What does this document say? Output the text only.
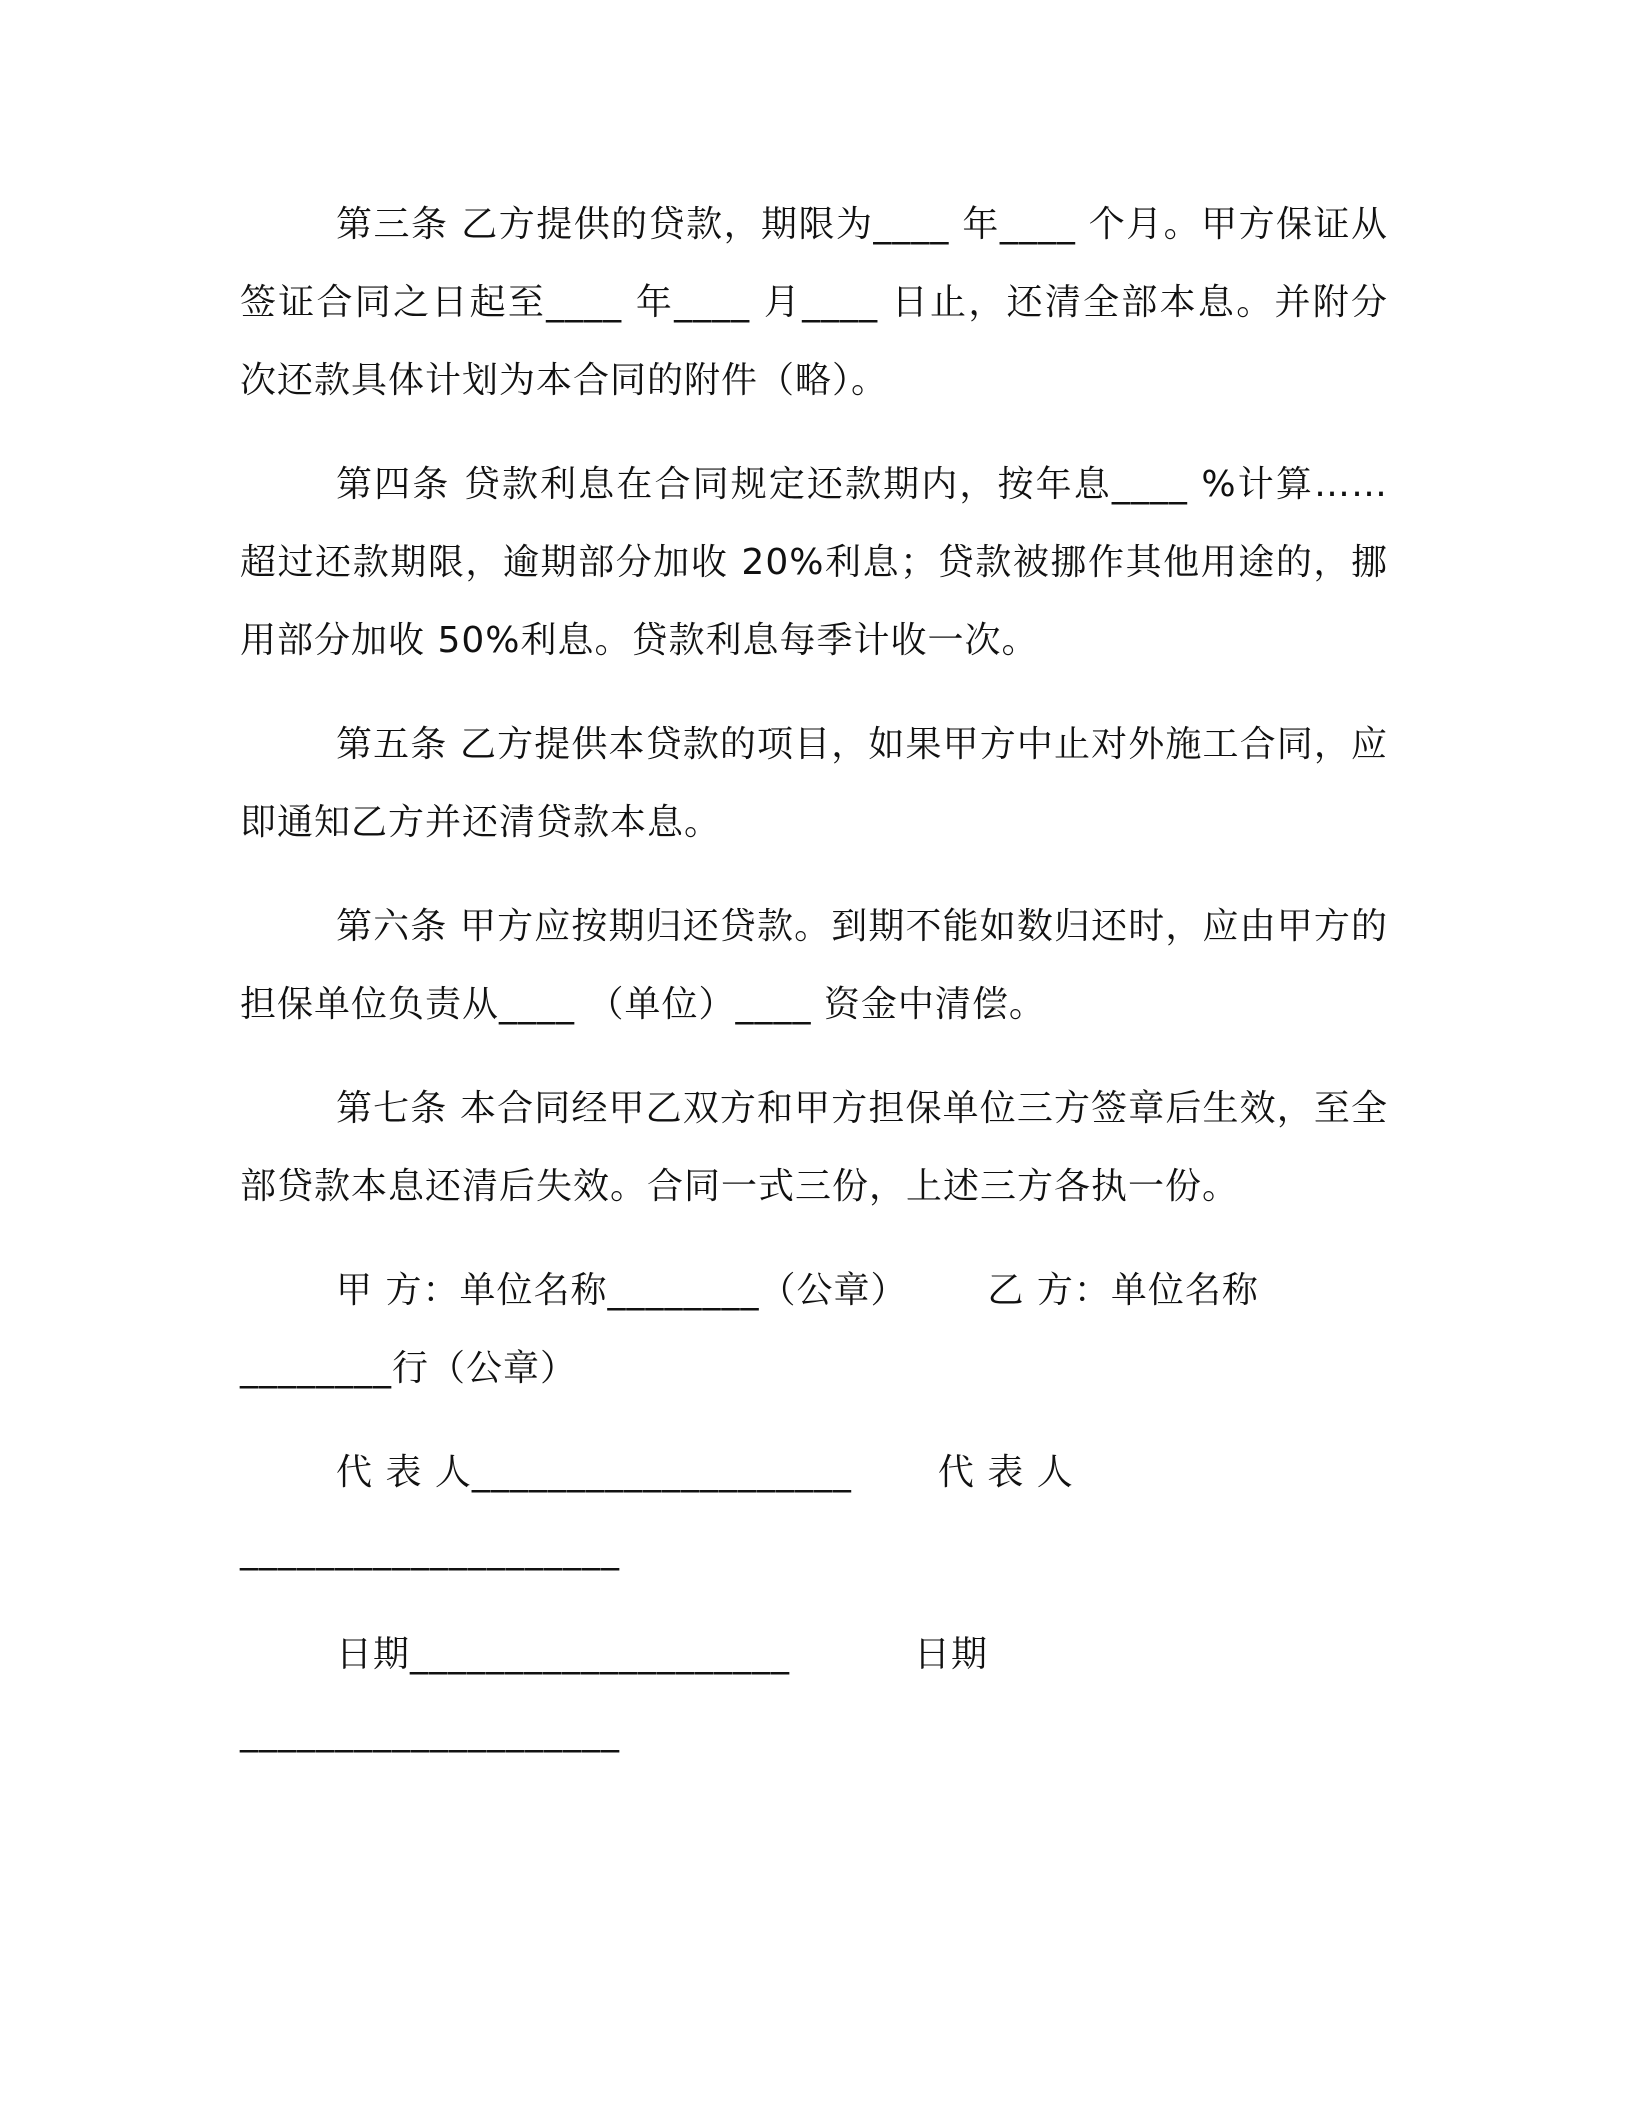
第三条 乙方提供的贷款，期限为____ 年____ 个月。甲方保证从签证合同之日起至____ 年____ 月____ 日止，还清全部本息。并附分次还款具体计划为本合同的附件（略）。

第四条 贷款利息在合同规定还款期内，按年息____ %计算……超过还款期限，逾期部分加收 20%利息；贷款被挪作其他用途的，挪用部分加收 50%利息。贷款利息每季计收一次。

第五条 乙方提供本贷款的项目，如果甲方中止对外施工合同，应即通知乙方并还清贷款本息。

第六条 甲方应按期归还贷款。到期不能如数归还时，应由甲方的担保单位负责从____ （单位）____ 资金中清偿。

第七条 本合同经甲乙双方和甲方担保单位三方签章后生效，至全部贷款本息还清后失效。合同一式三份，上述三方各执一份。

甲 方：单位名称________（公章） 乙 方：单位名称
________行（公章）
代 表 人____________________ 代 表 人
____________________
日期____________________	日期
____________________
